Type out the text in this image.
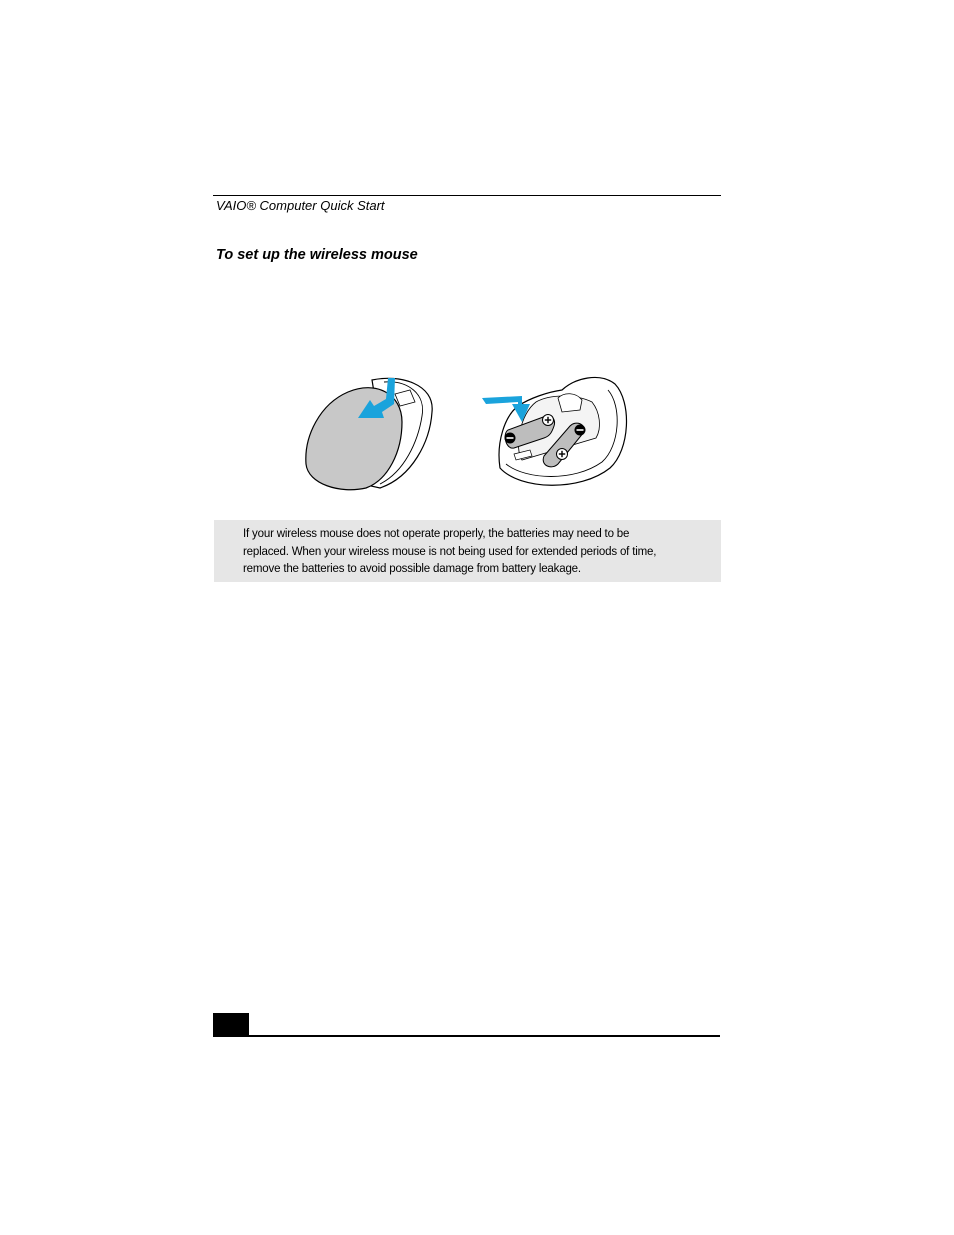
VAIO® Computer Quick Start
To set up the wireless mouse
If your wireless mouse does not operate properly, the batteries may need to be
replaced. When your wireless mouse is not being used for extended periods of time,
remove the batteries to avoid possible damage from battery leakage.
